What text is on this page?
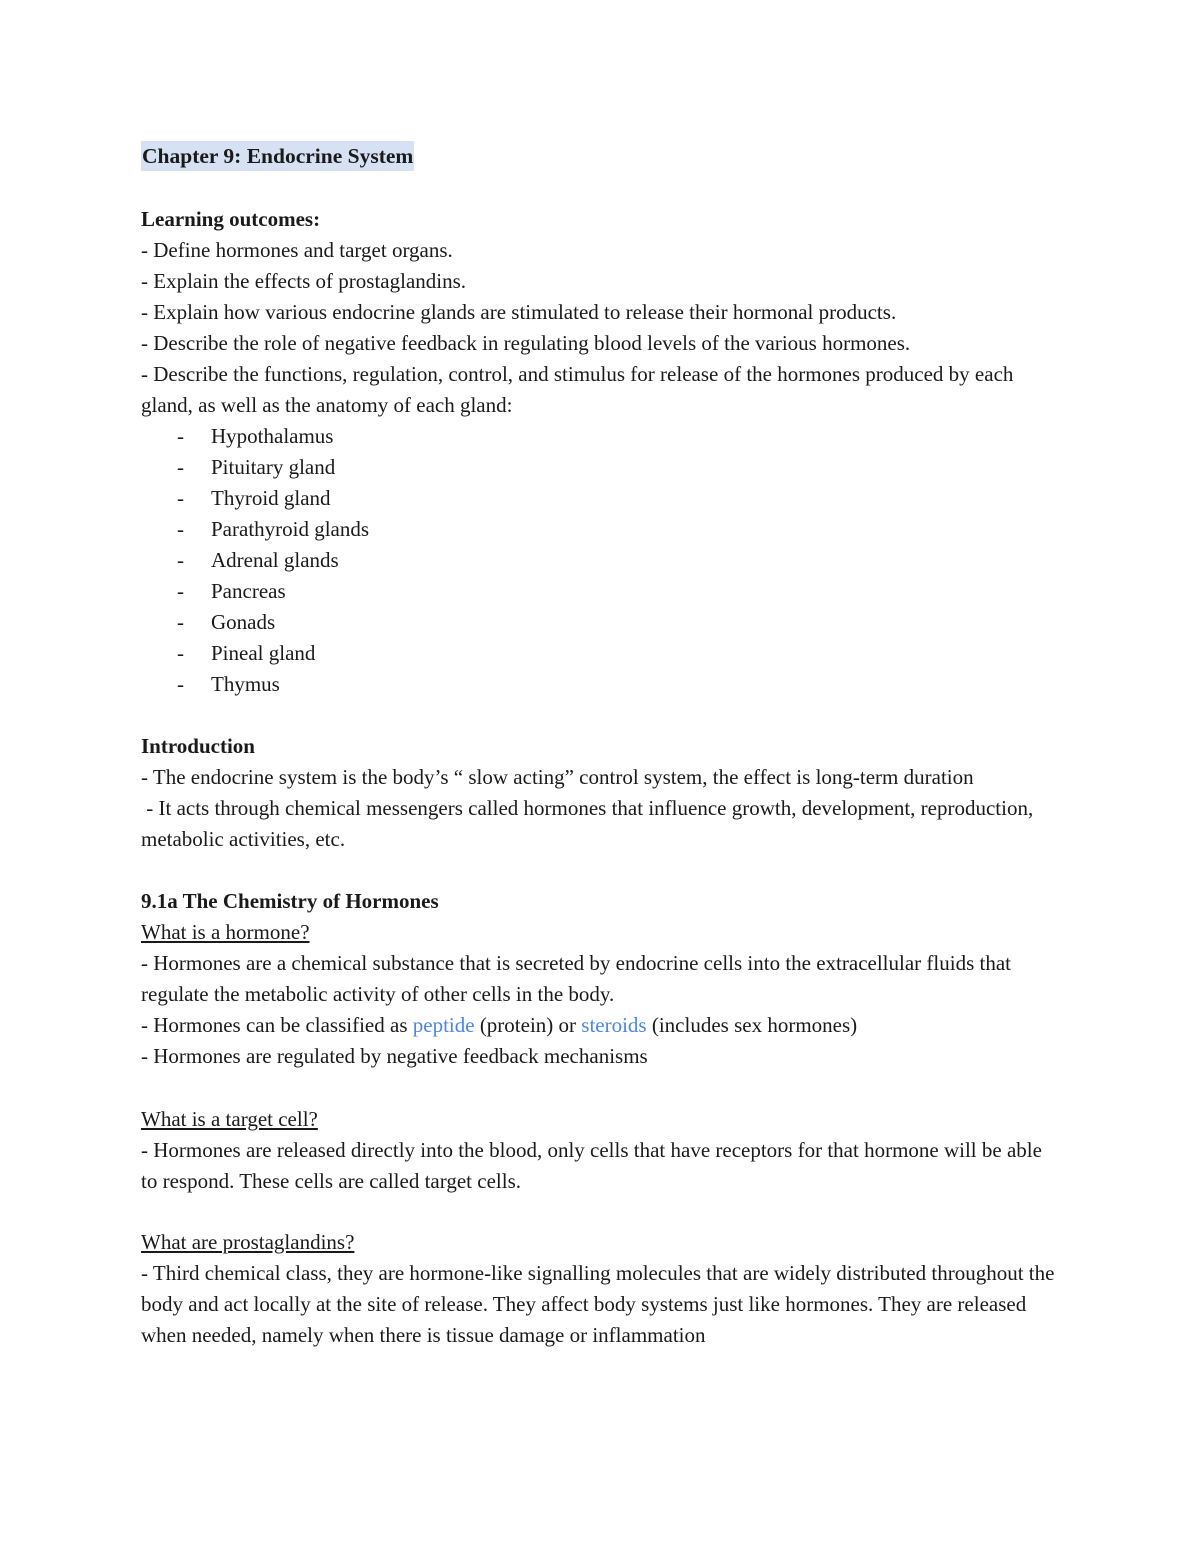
Chapter 9: Endocrine System

Learning outcomes:

- Define hormones and target organs.

- Explain the effects of prostaglandins.

- Explain how various endocrine glands are stimulated to release their hormonal products.

- Describe the role of negative feedback in regulating blood levels of the various hormones.

- Describe the functions, regulation, control, and stimulus for release of the hormones produced by each gland, as well as the anatomy of each gland:

- Hypothalamus
- Pituitary gland
- Thyroid gland
- Parathyroid glands
- Adrenal glands
- Pancreas
- Gonads
- Pineal gland
- Thymus

Introduction

- The endocrine system is the body’s “ slow acting” control system, the effect is long-term duration

- It acts through chemical messengers called hormones that influence growth, development, reproduction, metabolic activities, etc.

9.1a The Chemistry of Hormones

What is a hormone?

- Hormones are a chemical substance that is secreted by endocrine cells into the extracellular fluids that regulate the metabolic activity of other cells in the body.

- Hormones can be classified as peptide (protein) or steroids (includes sex hormones)

- Hormones are regulated by negative feedback mechanisms

What is a target cell?

- Hormones are released directly into the blood, only cells that have receptors for that hormone will be able to respond. These cells are called target cells.

What are prostaglandins?

- Third chemical class, they are hormone-like signalling molecules that are widely distributed throughout the body and act locally at the site of release. They affect body systems just like hormones. They are released when needed, namely when there is tissue damage or inflammation
